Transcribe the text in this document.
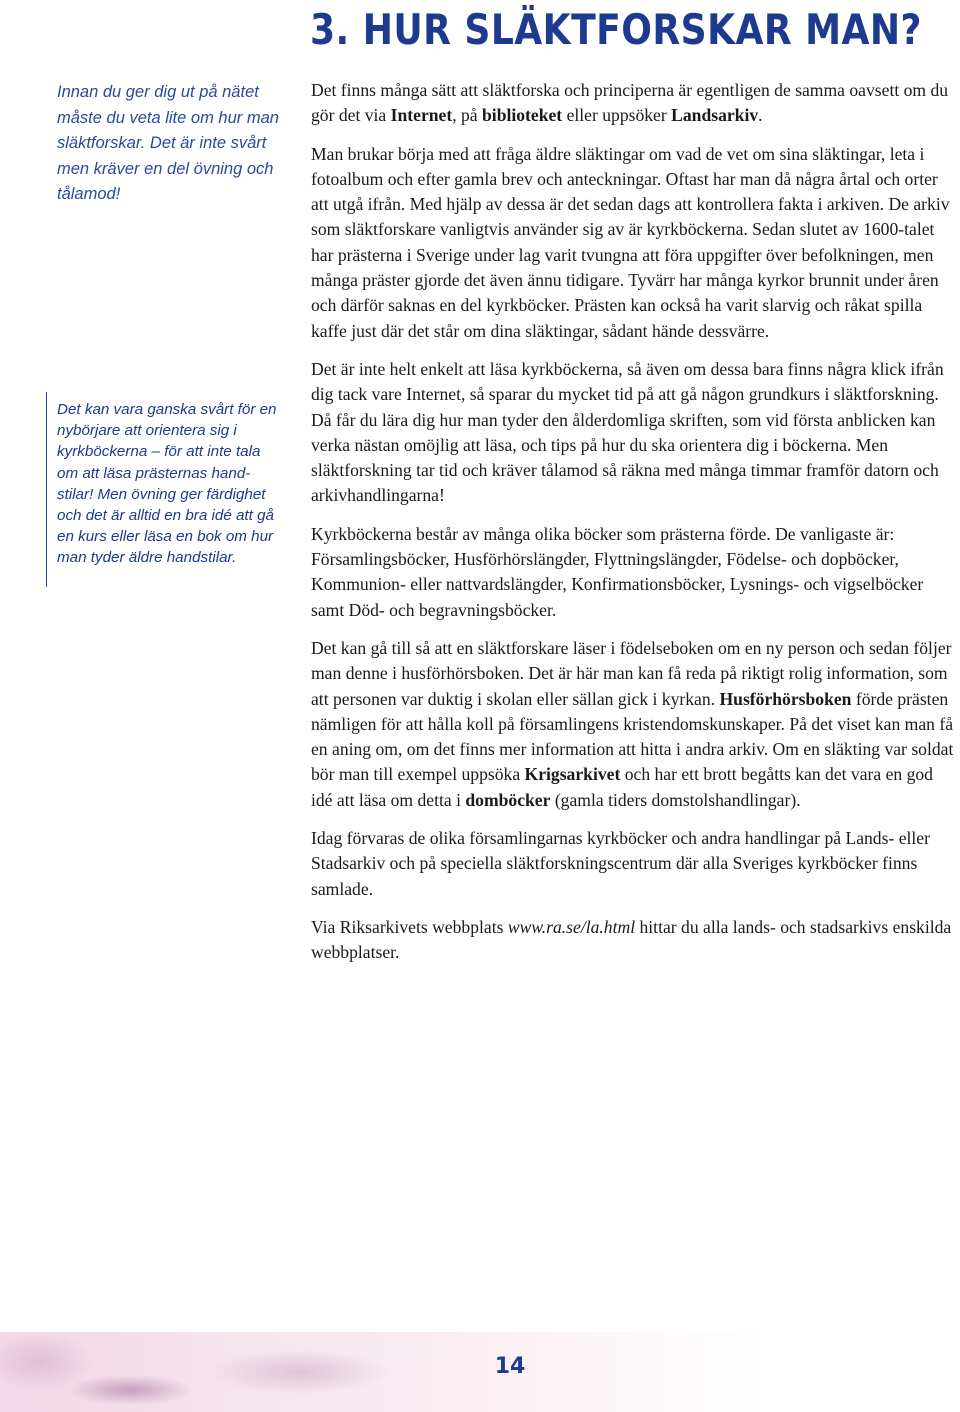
3. HUR SLÄKTFORSKAR MAN?

Innan du ger dig ut på nätet måste du veta lite om hur man släktforskar. Det är inte svårt men kräver en del övning och tålamod!

Det kan vara ganska svårt för en nybörjare att orientera sig i kyrkböckerna – för att inte tala om att läsa prästernas hand-stilar! Men övning ger färdighet och det är alltid en bra idé att gå en kurs eller läsa en bok om hur man tyder äldre handstilar.

Det finns många sätt att släktforska och principerna är egentligen de samma oavsett om du gör det via Internet, på biblioteket eller uppsöker Landsarkiv.

Man brukar börja med att fråga äldre släktingar om vad de vet om sina släktingar, leta i fotoalbum och efter gamla brev och anteckningar. Oftast har man då några årtal och orter att utgå ifrån. Med hjälp av dessa är det sedan dags att kontrollera fakta i arkiven. De arkiv som släktforskare vanligtvis använder sig av är kyrkböckerna. Sedan slutet av 1600-talet har prästerna i Sverige under lag varit tvungna att föra uppgifter över befolkningen, men många präster gjorde det även ännu tidigare. Tyvärr har många kyrkor brunnit under åren och därför saknas en del kyrkböcker. Prästen kan också ha varit slarvig och råkat spilla kaffe just där det står om dina släktingar, sådant hände dessvärre.

Det är inte helt enkelt att läsa kyrkböckerna, så även om dessa bara finns några klick ifrån dig tack vare Internet, så sparar du mycket tid på att gå någon grundkurs i släktforskning. Då får du lära dig hur man tyder den ålderdomliga skriften, som vid första anblicken kan verka nästan omöjlig att läsa, och tips på hur du ska orientera dig i böckerna. Men släktforskning tar tid och kräver tålamod så räkna med många timmar framför datorn och arkivhandlingarna!

Kyrkböckerna består av många olika böcker som prästerna förde. De vanligaste är: Församlingsböcker, Husförhörslängder, Flyttningslängder, Födelse- och dopböcker, Kommunion- eller nattvardslängder, Konfirmationsböcker, Lysnings- och vigselböcker samt Död- och begravningsböcker.

Det kan gå till så att en släktforskare läser i födelseboken om en ny person och sedan följer man denne i husförhörsboken. Det är här man kan få reda på riktigt rolig information, som att personen var duktig i skolan eller sällan gick i kyrkan. Husförhörsboken förde prästen nämligen för att hålla koll på församlingens kristendomskunskaper. På det viset kan man få en aning om, om det finns mer information att hitta i andra arkiv. Om en släkting var soldat bör man till exempel uppsöka Krigsarkivet och har ett brott begåtts kan det vara en god idé att läsa om detta i domböcker (gamla tiders domstolshandlingar).

Idag förvaras de olika församlingarnas kyrkböcker och andra handlingar på Lands- eller Stadsarkiv och på speciella släktforskningscentrum där alla Sveriges kyrkböcker finns samlade.

Via Riksarkivets webbplats www.ra.se/la.html hittar du alla lands- och stadsarkivs enskilda webbplatser.

14
